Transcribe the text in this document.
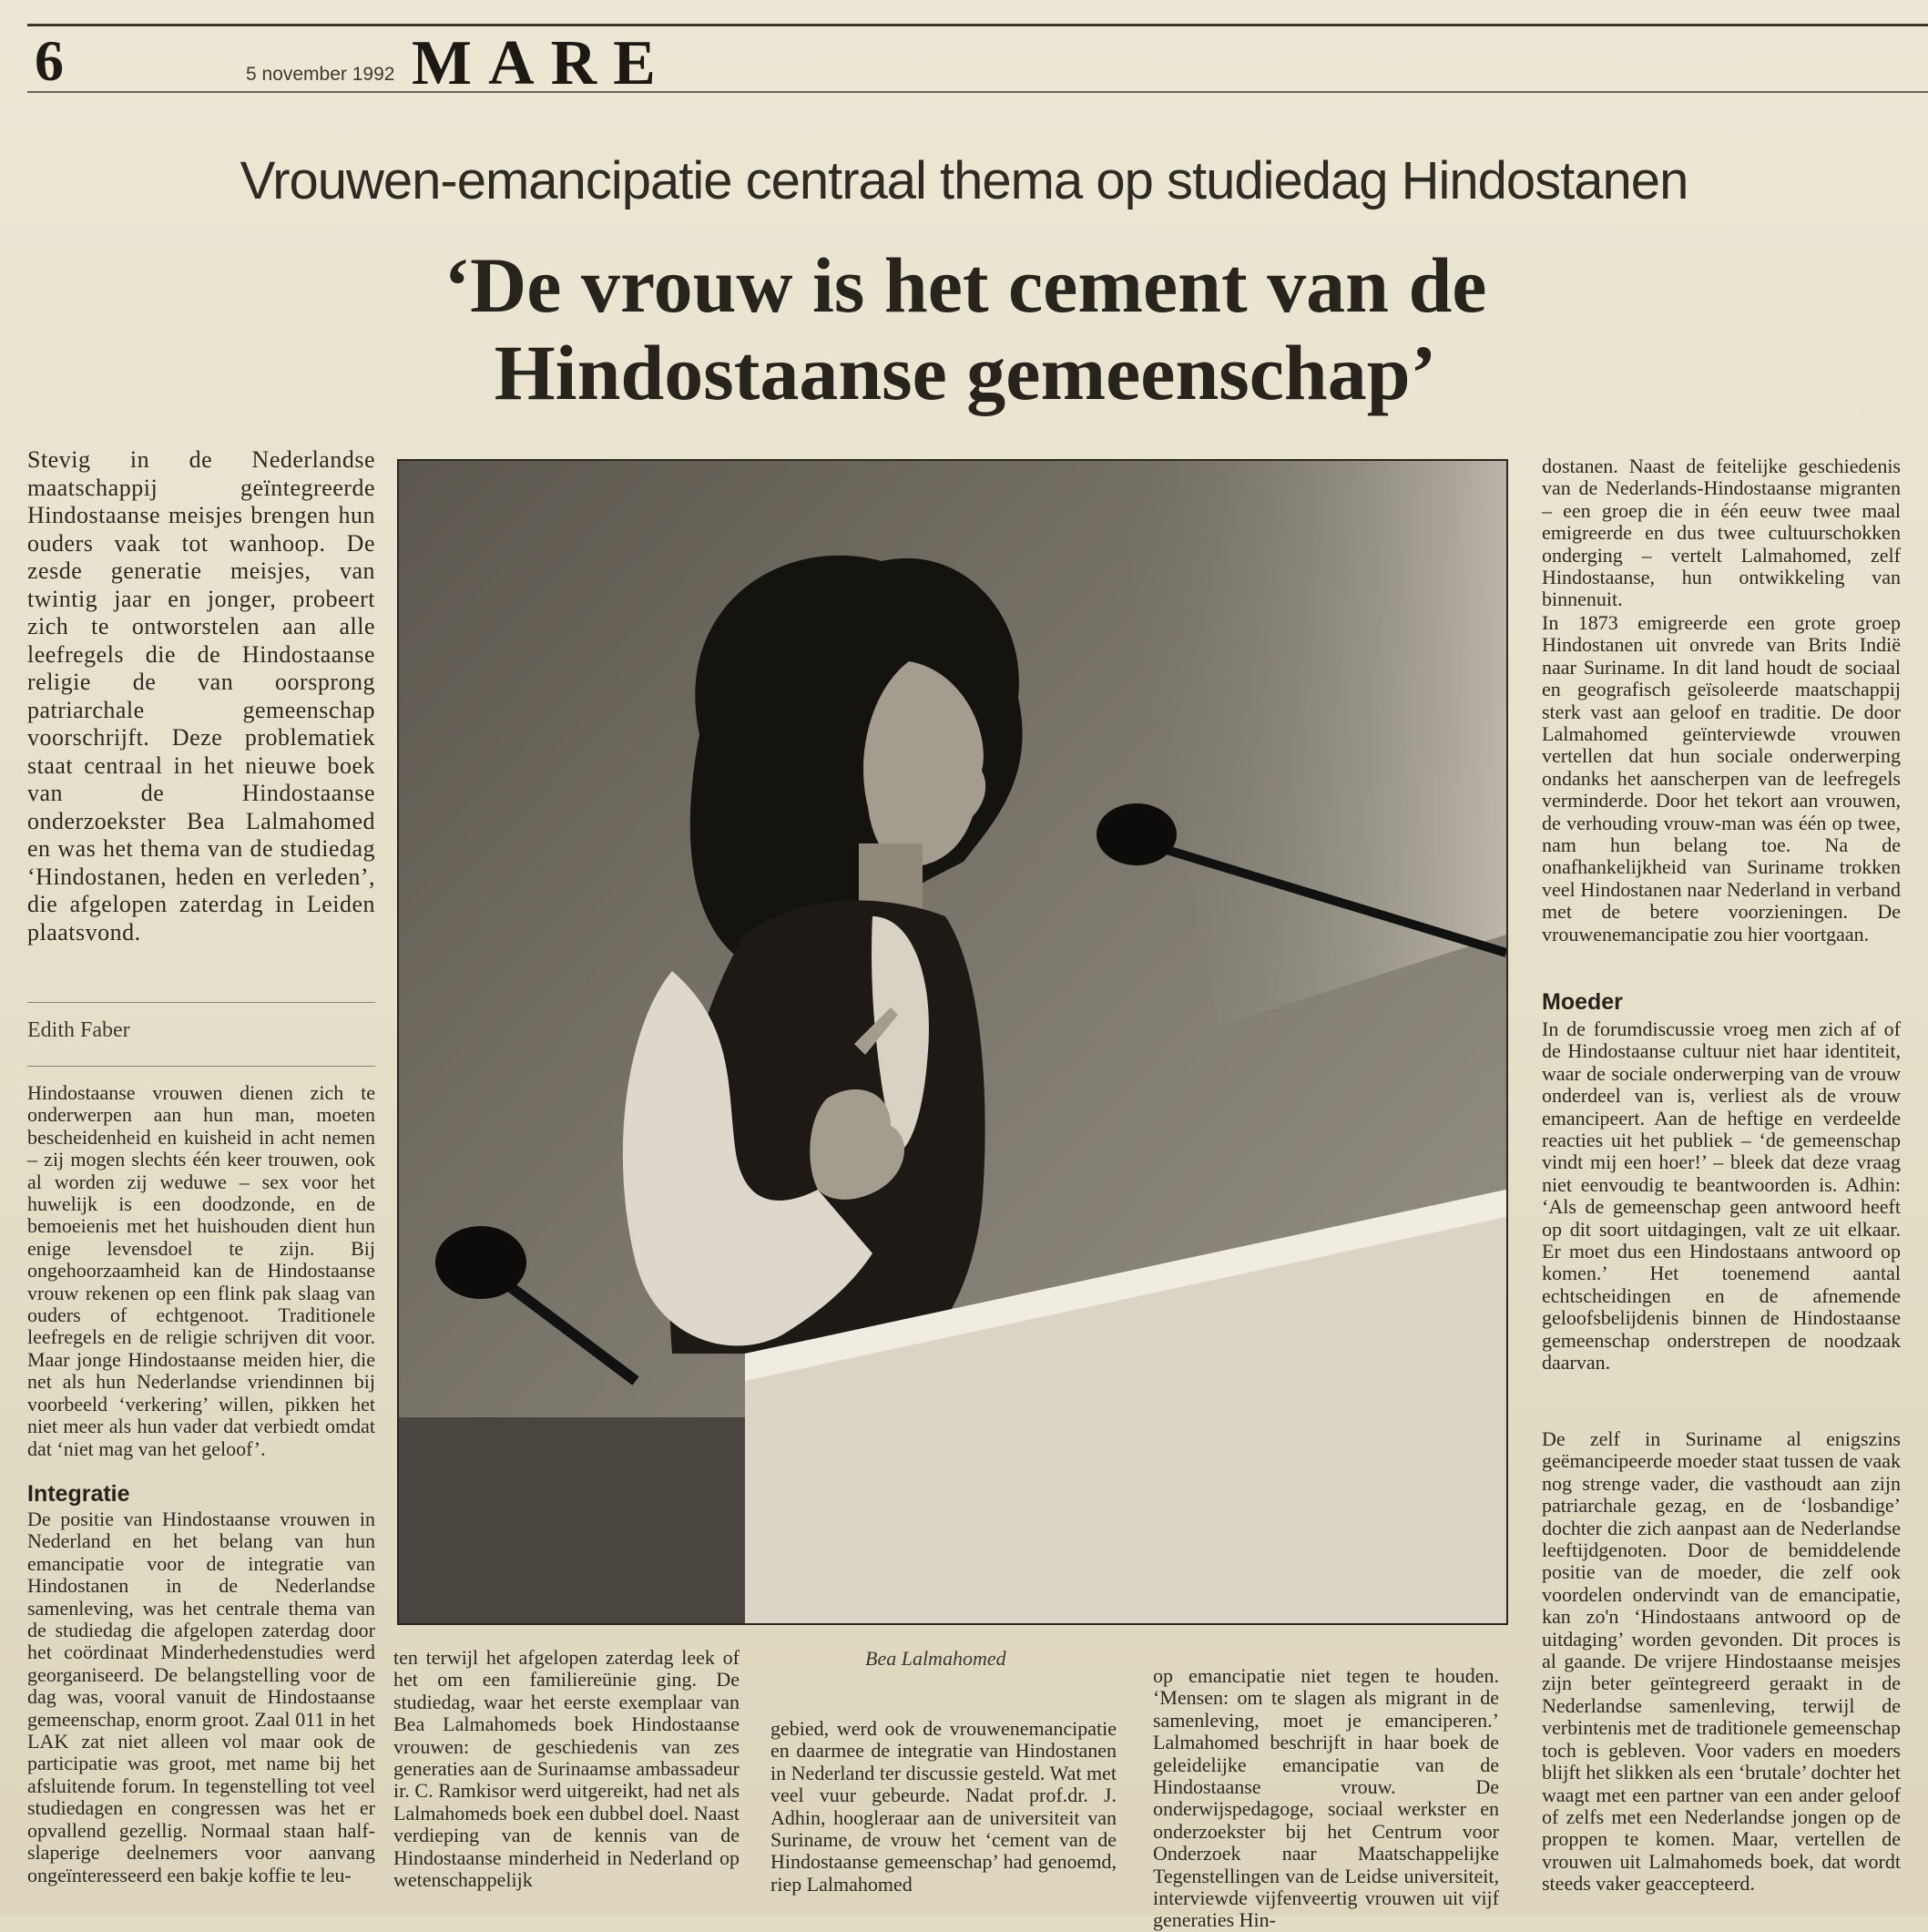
6	5 november 1992 MARE
Vrouwen-emancipatie centraal thema op studiedag Hindostanen
‘De vrouw is het cement van de
Hindostaanse gemeenschap’
Stevig in de Nederlandse maatschappij geïntegreerde Hindostaanse meisjes brengen hun ouders vaak tot wanhoop. De zesde generatie meisjes, van twintig jaar en jonger, probeert zich te ontworstelen aan alle leefregels die de Hindostaanse religie de van oorsprong patriarchale gemeenschap voorschrijft. Deze problematiek staat centraal in het nieuwe boek van de Hindostaanse onderzoekster Bea Lalmahomed en was het thema van de studiedag ‘Hindostanen, heden en verleden’, die afgelopen zaterdag in Leiden plaatsvond.
Edith Faber
Hindostaanse vrouwen dienen zich te onderwerpen aan hun man, moeten bescheidenheid en kuisheid in acht nemen – zij mogen slechts één keer trouwen, ook al worden zij weduwe – sex voor het huwelijk is een doodzonde, en de bemoeienis met het huishouden dient hun enige levensdoel te zijn. Bij ongehoorzaamheid kan de Hindostaanse vrouw rekenen op een flink pak slaag van ouders of echtgenoot. Traditionele leefregels en de religie schrijven dit voor. Maar jonge Hindostaanse meiden hier, die net als hun Nederlandse vriendinnen bij voorbeeld ‘verkering’ willen, pikken het niet meer als hun vader dat verbiedt omdat dat ‘niet mag van het geloof’.
Integratie
De positie van Hindostaanse vrouwen in Nederland en het belang van hun emancipatie voor de integratie van Hindostanen in de Nederlandse samenleving, was het centrale thema van de studiedag die afgelopen zaterdag door het coördinaat Minderhedenstudies werd georganiseerd. De belangstelling voor de dag was, vooral vanuit de Hindostaanse gemeenschap, enorm groot. Zaal 011 in het LAK zat niet alleen vol maar ook de participatie was groot, met name bij het afsluitende forum. In tegenstelling tot veel studiedagen en congressen was het er opvallend gezellig. Normaal staan half-slaperige deelnemers voor aanvang ongeïnteresseerd een bakje koffie te leu-
Bea Lalmahomed
ten terwijl het afgelopen zaterdag leek of het om een familiereünie ging. De studiedag, waar het eerste exemplaar van Bea Lalmahomeds boek Hindostaanse vrouwen: de geschiedenis van zes generaties aan de Surinaamse ambassadeur ir. C. Ramkisor werd uitgereikt, had net als Lalmahomeds boek een dubbel doel. Naast verdieping van de kennis van de Hindostaanse minderheid in Nederland op wetenschappelijk
gebied, werd ook de vrouwenemancipatie en daarmee de integratie van Hindostanen in Nederland ter discussie gesteld. Wat met veel vuur gebeurde. Nadat prof.dr. J. Adhin, hoogleraar aan de universiteit van Suriname, de vrouw het ‘cement van de Hindostaanse gemeenschap’ had genoemd, riep Lalmahomed
op emancipatie niet tegen te houden. ‘Mensen: om te slagen als migrant in de samenleving, moet je emanciperen.’ Lalmahomed beschrijft in haar boek de geleidelijke emancipatie van de Hindostaanse vrouw. De onderwijspedagoge, sociaal werkster en onderzoekster bij het Centrum voor Onderzoek naar Maatschappelijke Tegenstellingen van de Leidse universiteit, interviewde vijfenveertig vrouwen uit vijf generaties Hin-
dostanen. Naast de feitelijke geschiedenis van de Nederlands-Hindostaanse migranten – een groep die in één eeuw twee maal emigreerde en dus twee cultuurschokken onderging – vertelt Lalmahomed, zelf Hindostaanse, hun ontwikkeling van binnenuit.
In 1873 emigreerde een grote groep Hindostanen uit onvrede van Brits Indië naar Suriname. In dit land houdt de sociaal en geografisch geïsoleerde maatschappij sterk vast aan geloof en traditie. De door Lalmahomed geïnterviewde vrouwen vertellen dat hun sociale onderwerping ondanks het aanscherpen van de leefregels verminderde. Door het tekort aan vrouwen, de verhouding vrouw-man was één op twee, nam hun belang toe. Na de onafhankelijkheid van Suriname trokken veel Hindostanen naar Nederland in verband met de betere voorzieningen. De vrouwenemancipatie zou hier voortgaan.
Moeder
In de forumdiscussie vroeg men zich af of de Hindostaanse cultuur niet haar identiteit, waar de sociale onderwerping van de vrouw onderdeel van is, verliest als de vrouw emancipeert. Aan de heftige en verdeelde reacties uit het publiek – ‘de gemeenschap vindt mij een hoer!’ – bleek dat deze vraag niet eenvoudig te beantwoorden is. Adhin: ‘Als de gemeenschap geen antwoord heeft op dit soort uitdagingen, valt ze uit elkaar. Er moet dus een Hindostaans antwoord op komen.’ Het toenemend aantal echtscheidingen en de afnemende geloofsbelijdenis binnen de Hindostaanse gemeenschap onderstrepen de noodzaak daarvan.
De zelf in Suriname al enigszins geëmancipeerde moeder staat tussen de vaak nog strenge vader, die vasthoudt aan zijn patriarchale gezag, en de ‘losbandige’ dochter die zich aanpast aan de Nederlandse leeftijdgenoten. Door de bemiddelende positie van de moeder, die zelf ook voordelen ondervindt van de emancipatie, kan zo'n ‘Hindostaans antwoord op de uitdaging’ worden gevonden. Dit proces is al gaande. De vrijere Hindostaanse meisjes zijn beter geïntegreerd geraakt in de Nederlandse samenleving, terwijl de verbintenis met de traditionele gemeenschap toch is gebleven. Voor vaders en moeders blijft het slikken als een ‘brutale’ dochter het waagt met een partner van een ander geloof of zelfs met een Nederlandse jongen op de proppen te komen. Maar, vertellen de vrouwen uit Lalmahomeds boek, dat wordt steeds vaker geaccepteerd.
